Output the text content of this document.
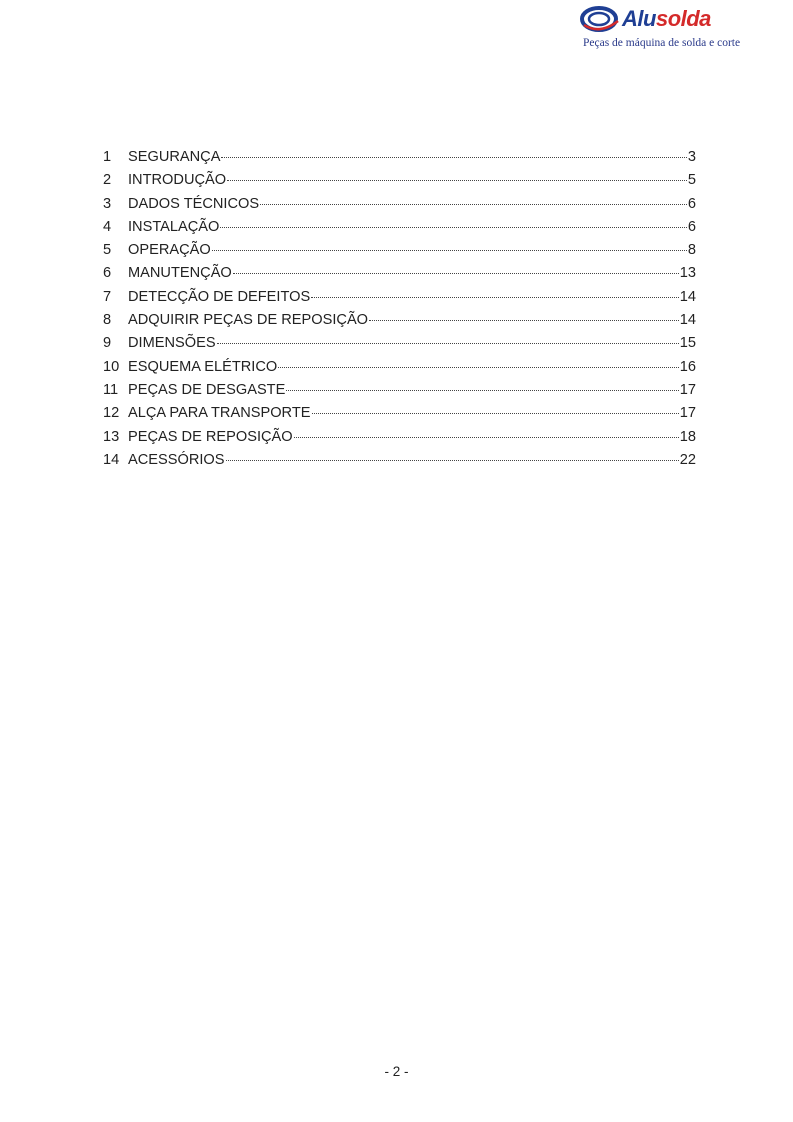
Alusolda
Peças de máquina de solda e corte
1	SEGURANÇA	3
2	INTRODUÇÃO	5
3	DADOS TÉCNICOS	6
4	INSTALAÇÃO	6
5	OPERAÇÃO	8
6	MANUTENÇÃO	13
7	DETECÇÃO DE DEFEITOS	14
8	ADQUIRIR PEÇAS DE REPOSIÇÃO	14
9	DIMENSÕES	15
10 ESQUEMA ELÉTRICO	16
11 PEÇAS DE DESGASTE	17
12 ALÇA PARA TRANSPORTE	17
13 PEÇAS DE REPOSIÇÃO	18
14 ACESSÓRIOS	22
- 2 -
